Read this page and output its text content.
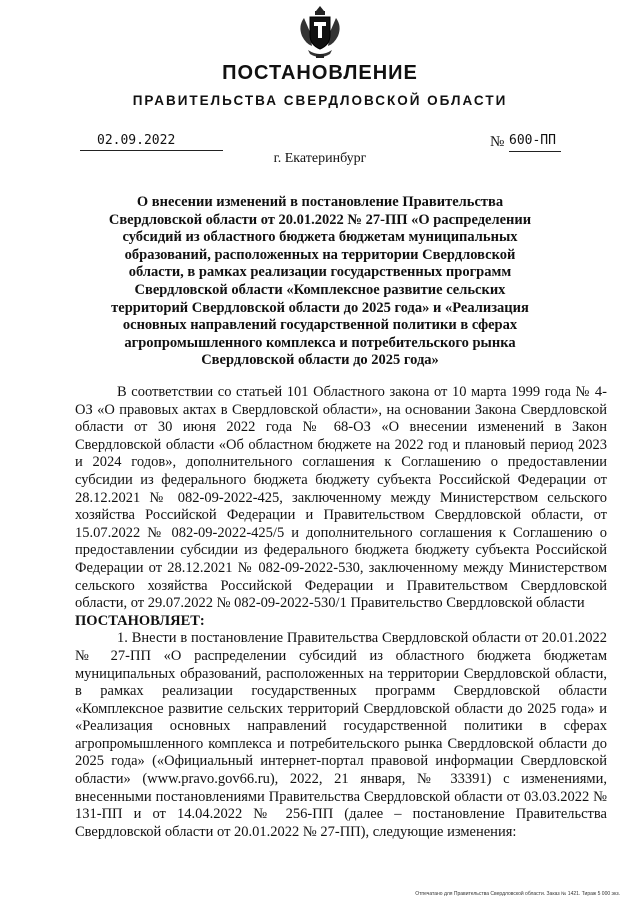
ПОСТАНОВЛЕНИЕ
ПРАВИТЕЛЬСТВА СВЕРДЛОВСКОЙ ОБЛАСТИ
02.09.2022	№ 600-ПП
г. Екатеринбург
О внесении изменений в постановление Правительства Свердловской области от 20.01.2022 № 27-ПП «О распределении субсидий из областного бюджета бюджетам муниципальных образований, расположенных на территории Свердловской области, в рамках реализации государственных программ Свердловской области «Комплексное развитие сельских территорий Свердловской области до 2025 года» и «Реализация основных направлений государственной политики в сферах агропромышленного комплекса и потребительского рынка Свердловской области до 2025 года»

В соответствии со статьей 101 Областного закона от 10 марта 1999 года № 4-ОЗ «О правовых актах в Свердловской области», на основании Закона Свердловской области от 30 июня 2022 года № 68-ОЗ «О внесении изменений в Закон Свердловской области «Об областном бюджете на 2022 год и плановый период 2023 и 2024 годов», дополнительного соглашения к Соглашению о предоставлении субсидии из федерального бюджета бюджету субъекта Российской Федерации от 28.12.2021 № 082-09-2022-425, заключенному между Министерством сельского хозяйства Российской Федерации и Правительством Свердловской области, от 15.07.2022 № 082-09-2022-425/5 и дополнительного соглашения к Соглашению о предоставлении субсидии из федерального бюджета бюджету субъекта Российской Федерации от 28.12.2021 № 082-09-2022-530, заключенному между Министерством сельского хозяйства Российской Федерации и Правительством Свердловской области, от 29.07.2022 № 082-09-2022-530/1 Правительство Свердловской области

ПОСТАНОВЛЯЕТ:

1. Внести в постановление Правительства Свердловской области от 20.01.2022 № 27-ПП «О распределении субсидий из областного бюджета бюджетам муниципальных образований, расположенных на территории Свердловской области, в рамках реализации государственных программ Свердловской области «Комплексное развитие сельских территорий Свердловской области до 2025 года» и «Реализация основных направлений государственной политики в сферах агропромышленного комплекса и потребительского рынка Свердловской области до 2025 года» («Официальный интернет-портал правовой информации Свердловской области» (www.pravo.gov66.ru), 2022, 21 января, № 33391) с изменениями, внесенными постановлениями Правительства Свердловской области от 03.03.2022 № 131-ПП и от 14.04.2022 № 256-ПП (далее – постановление Правительства Свердловской области от 20.01.2022 № 27-ПП), следующие изменения:

Отпечатано для Правительства Свердловской области. Заказ № 1421. Тираж 5 000 экз.
